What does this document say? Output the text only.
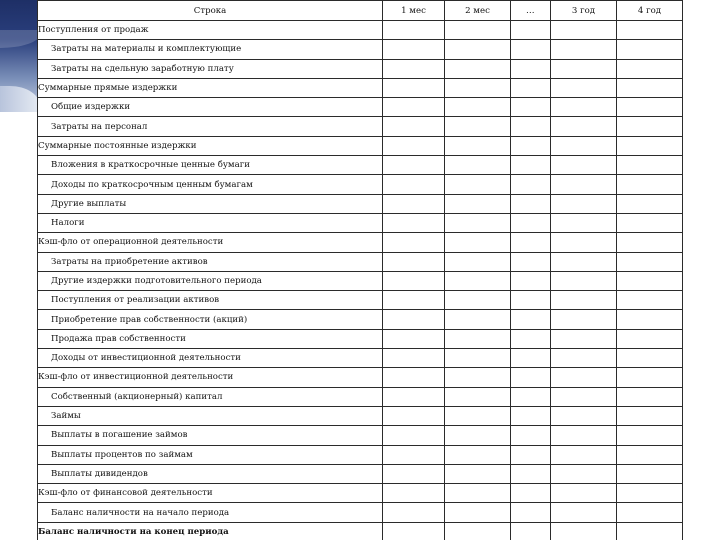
Строка	1 мес	2 мес	…	3 год	4 год
Поступления от продаж					
Затраты на материалы и комплектующие					
Затраты на сдельную заработную плату					
Суммарные прямые издержки					
Общие издержки					
Затраты на персонал					
Суммарные постоянные издержки					
Вложения в краткосрочные ценные бумаги					
Доходы по краткосрочным ценным бумагам					
Другие выплаты					
Налоги					
Кэш-фло от операционной деятельности					
Затраты на приобретение активов					
Другие издержки подготовительного периода					
Поступления от реализации активов					
Приобретение прав собственности (акций)					
Продажа прав собственности					
Доходы от инвестиционной деятельности					
Кэш-фло от инвестиционной деятельности					
Собственный (акционерный) капитал					
Займы					
Выплаты в погашение займов					
Выплаты процентов по займам					
Выплаты дивидендов					
Кэш-фло от финансовой деятельности					
Баланс наличности на начало периода					
Баланс наличности на конец периода					
